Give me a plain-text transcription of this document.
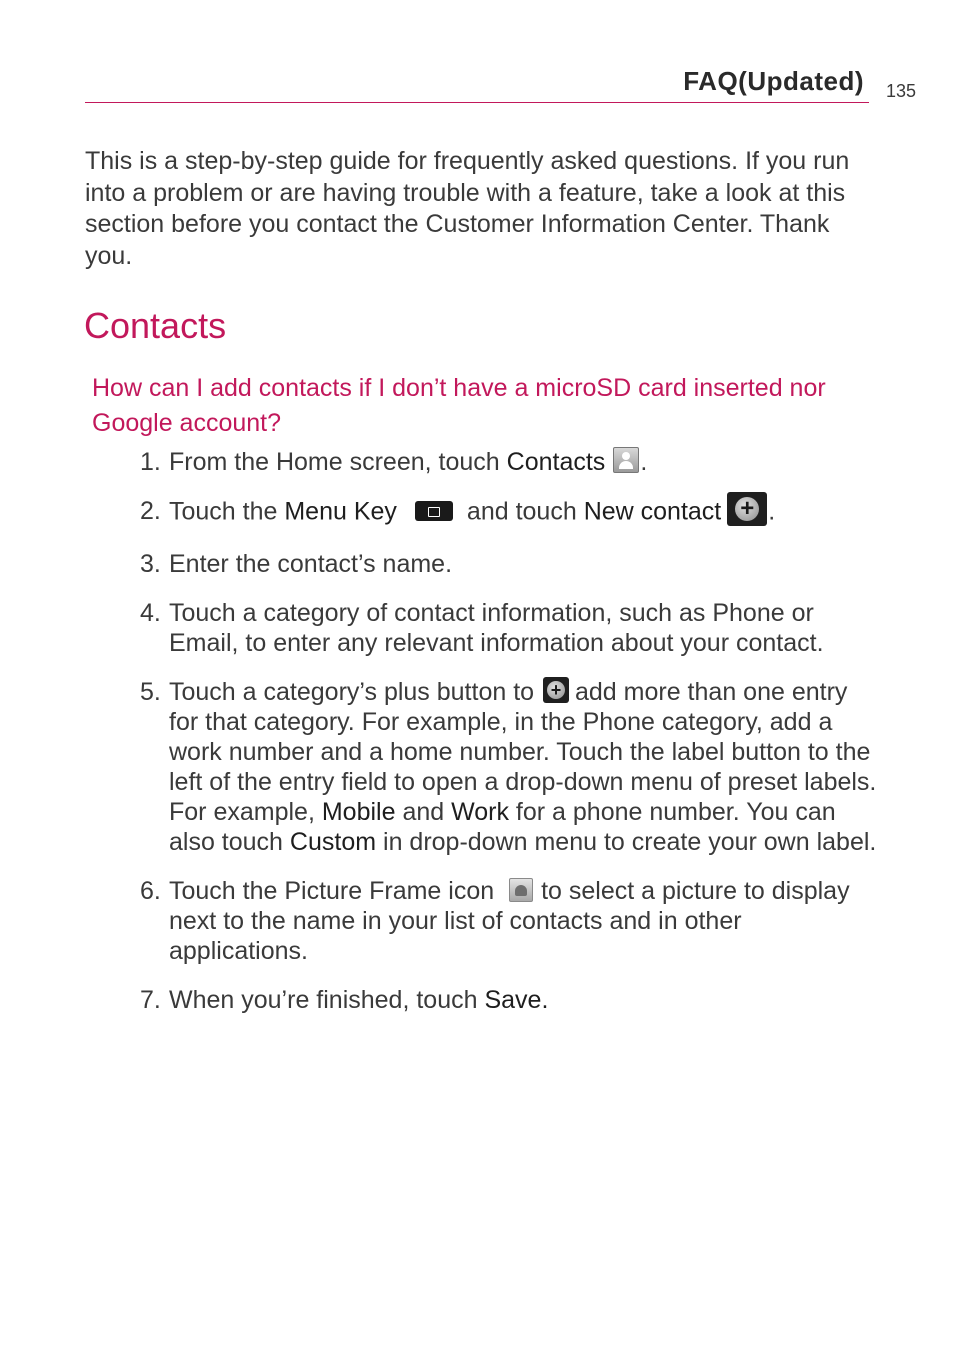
FAQ(Updated) 135

This is a step-by-step guide for frequently asked questions. If you run into a problem or are having trouble with a feature, take a look at this section before you contact the Customer Information Center. Thank you.

Contacts
How can I add contacts if I don’t have a microSD card inserted nor Google account?
1. From the Home screen, touch Contacts .
2. Touch the Menu Key	and touch New contact+ .
3. Enter the contact’s name.
4. Touch a category of contact information, such as Phone or Email, to enter any relevant information about your contact.
5. Touch a category’s plus button to +add more than one entry for that category. For example, in the Phone category, add a work number and a home number. Touch the label button to the left of the entry field to open a drop-down menu of preset labels. For example, Mobile and Work for a phone number. You can also touch Custom in drop-down menu to create your own label.
6. Touch the Picture Frame icon to select a picture to display next to the name in your list of contacts and in other applications.
7. When you’re finished, touch Save.
